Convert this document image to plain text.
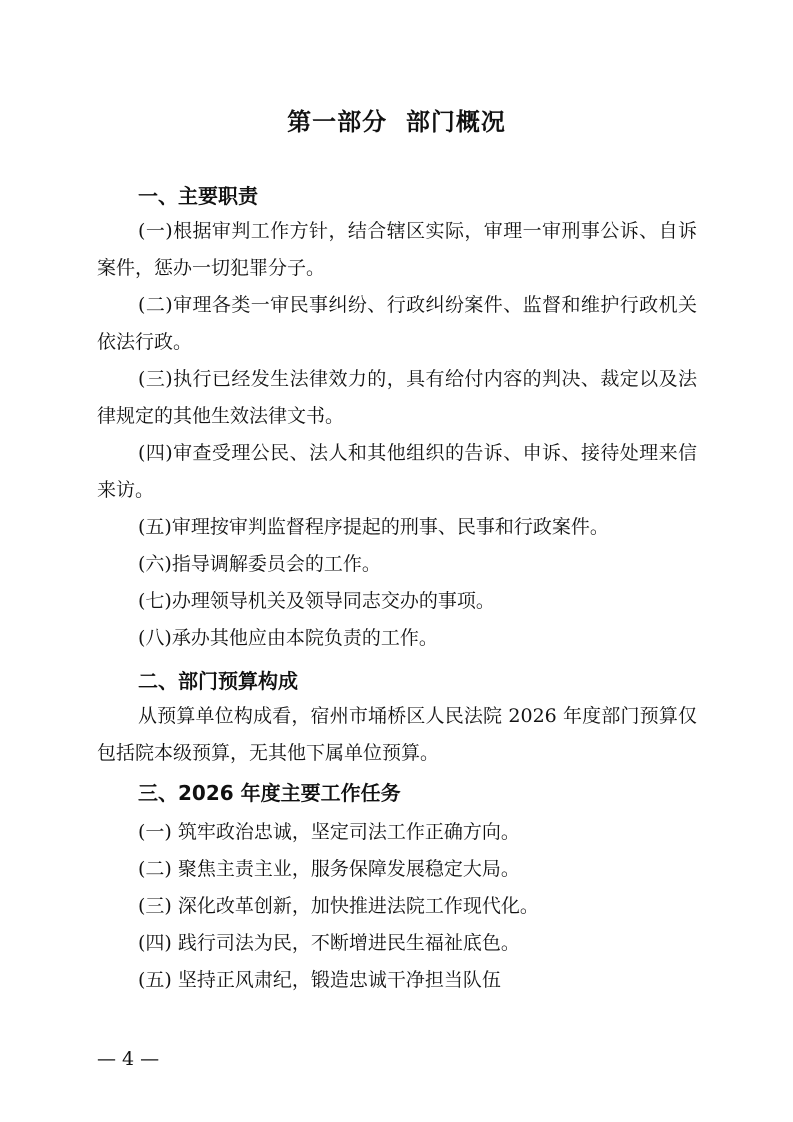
第一部分  部门概况
一、主要职责
(一)根据审判工作方针，结合辖区实际，审理一审刑事公诉、自诉案件，惩办一切犯罪分子。
(二)审理各类一审民事纠纷、行政纠纷案件、监督和维护行政机关依法行政。
(三)执行已经发生法律效力的，具有给付内容的判决、裁定以及法律规定的其他生效法律文书。
(四)审查受理公民、法人和其他组织的告诉、申诉、接待处理来信来访。
(五)审理按审判监督程序提起的刑事、民事和行政案件。
(六)指导调解委员会的工作。
(七)办理领导机关及领导同志交办的事项。
(八)承办其他应由本院负责的工作。
二、部门预算构成
从预算单位构成看，宿州市埇桥区人民法院 2026 年度部门预算仅包括院本级预算，无其他下属单位预算。
三、2026 年度主要工作任务
(一) 筑牢政治忠诚，坚定司法工作正确方向。
(二) 聚焦主责主业，服务保障发展稳定大局。
(三) 深化改革创新，加快推进法院工作现代化。
(四) 践行司法为民，不断增进民生福祉底色。
(五) 坚持正风肃纪，锻造忠诚干净担当队伍
— 4 —
